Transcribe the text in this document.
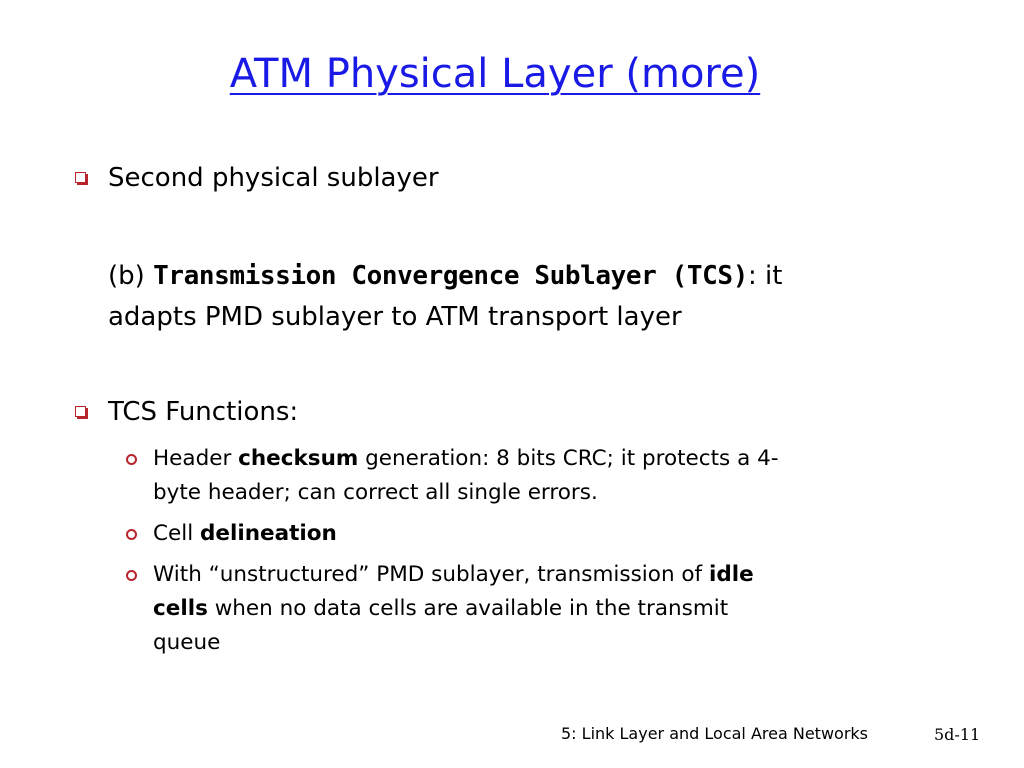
ATM Physical Layer (more)
Second physical sublayer
(b) Transmission Convergence Sublayer (TCS): it
adapts PMD sublayer to ATM transport layer
TCS Functions:
Header checksum generation: 8 bits CRC; it protects a 4-
byte header; can correct all single errors.
Cell delineation
With “unstructured” PMD sublayer, transmission of idle
cells when no data cells are available in the transmit
queue
5: Link Layer and Local Area Networks	5d-11
